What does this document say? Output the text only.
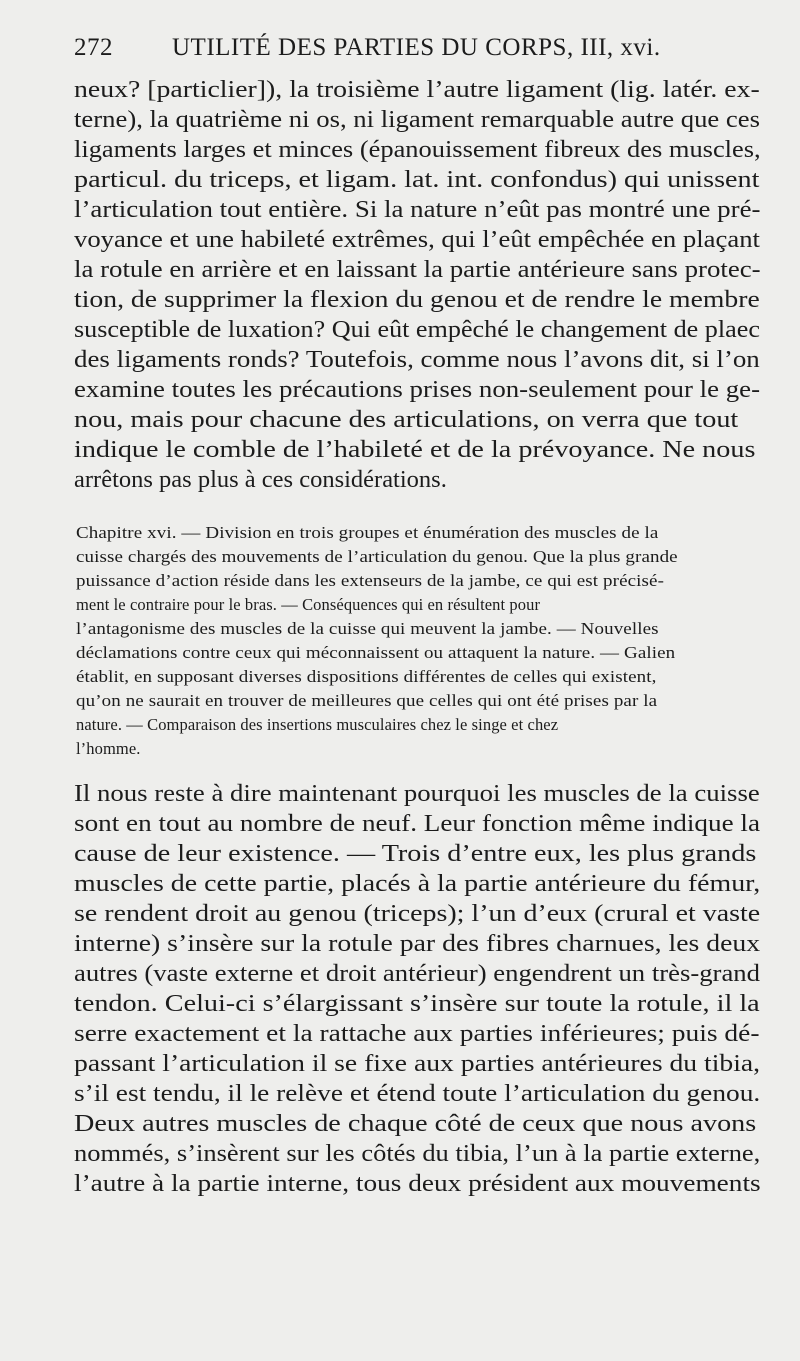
272 UTILITÉ DES PARTIES DU CORPS, III, xvi.
neux? [particlier]), la troisième l’autre ligament (lig. latér. ex-
terne), la quatrième ni os, ni ligament remarquable autre que ces
ligaments larges et minces (épanouissement fibreux des muscles,
particul. du triceps, et ligam. lat. int. confondus) qui unissent
l’articulation tout entière. Si la nature n’eût pas montré une pré-
voyance et une habileté extrêmes, qui l’eût empêchée en plaçant
la rotule en arrière et en laissant la partie antérieure sans protec-
tion, de supprimer la flexion du genou et de rendre le membre
susceptible de luxation? Qui eût empêché le changement de plaec
des ligaments ronds? Toutefois, comme nous l’avons dit, si l’on
examine toutes les précautions prises non-seulement pour le ge-
nou, mais pour chacune des articulations, on verra que tout
indique le comble de l’habileté et de la prévoyance. Ne nous
arrêtons pas plus à ces considérations.
Chapitre xvi. — Division en trois groupes et énumération des muscles de la
cuisse chargés des mouvements de l’articulation du genou. Que la plus grande
puissance d’action réside dans les extenseurs de la jambe, ce qui est précisé-
ment le contraire pour le bras. — Conséquences qui en résultent pour
l’antagonisme des muscles de la cuisse qui meuvent la jambe. — Nouvelles
déclamations contre ceux qui méconnaissent ou attaquent la nature. — Galien
établit, en supposant diverses dispositions différentes de celles qui existent,
qu’on ne saurait en trouver de meilleures que celles qui ont été prises par la
nature. — Comparaison des insertions musculaires chez le singe et chez
l’homme.
Il nous reste à dire maintenant pourquoi les muscles de la cuisse
sont en tout au nombre de neuf. Leur fonction même indique la
cause de leur existence. — Trois d’entre eux, les plus grands
muscles de cette partie, placés à la partie antérieure du fémur,
se rendent droit au genou (triceps); l’un d’eux (crural et vaste
interne) s’insère sur la rotule par des fibres charnues, les deux
autres (vaste externe et droit antérieur) engendrent un très-grand
tendon. Celui-ci s’élargissant s’insère sur toute la rotule, il la
serre exactement et la rattache aux parties inférieures; puis dé-
passant l’articulation il se fixe aux parties antérieures du tibia,
s’il est tendu, il le relève et étend toute l’articulation du genou.
Deux autres muscles de chaque côté de ceux que nous avons
nommés, s’insèrent sur les côtés du tibia, l’un à la partie externe,
l’autre à la partie interne, tous deux président aux mouvements
